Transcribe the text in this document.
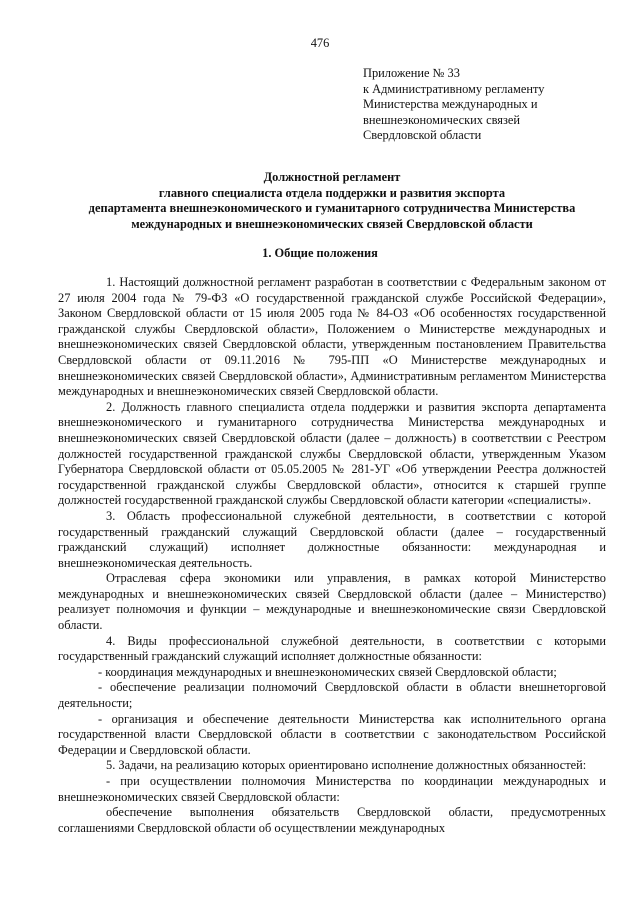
476
Приложение № 33
к Административному регламенту
Министерства международных и
внешнеэкономических связей
Свердловской области
Должностной регламент
главного специалиста отдела поддержки и развития экспорта
департамента внешнеэкономического и гуманитарного сотрудничества Министерства
международных и внешнеэкономических связей Свердловской области
1. Общие положения

1. Настоящий должностной регламент разработан в соответствии с Федеральным законом от 27 июля 2004 года № 79-ФЗ «О государственной гражданской службе Российской Федерации», Законом Свердловской области от 15 июля 2005 года № 84-ОЗ «Об особенностях государственной гражданской службы Свердловской области», Положением о Министерстве международных и внешнеэкономических связей Свердловской области, утвержденным постановлением Правительства Свердловской области от 09.11.2016 № 795-ПП «О Министерстве международных и внешнеэкономических связей Свердловской области», Административным регламентом Министерства международных и внешнеэкономических связей Свердловской области.

2. Должность главного специалиста отдела поддержки и развития экспорта департамента внешнеэкономического и гуманитарного сотрудничества Министерства международных и внешнеэкономических связей Свердловской области (далее – должность) в соответствии с Реестром должностей государственной гражданской службы Свердловской области, утвержденным Указом Губернатора Свердловской области от 05.05.2005 № 281-УГ «Об утверждении Реестра должностей государственной гражданской службы Свердловской области», относится к старшей группе должностей государственной гражданской службы Свердловской области категории «специалисты».

3. Область профессиональной служебной деятельности, в соответствии с которой государственный гражданский служащий Свердловской области (далее – государственный гражданский служащий) исполняет должностные обязанности: международная и внешнеэкономическая деятельность.

Отраслевая сфера экономики или управления, в рамках которой Министерство международных и внешнеэкономических связей Свердловской области (далее – Министерство) реализует полномочия и функции – международные и внешнеэкономические связи Свердловской области.

4. Виды профессиональной служебной деятельности, в соответствии с которыми государственный гражданский служащий исполняет должностные обязанности:

- координация международных и внешнеэкономических связей Свердловской области;

- обеспечение реализации полномочий Свердловской области в области внешнеторговой деятельности;

- организация и обеспечение деятельности Министерства как исполнительного органа государственной власти Свердловской области в соответствии с законодательством Российской Федерации и Свердловской области.

5. Задачи, на реализацию которых ориентировано исполнение должностных обязанностей:

- при осуществлении полномочия Министерства по координации международных и внешнеэкономических связей Свердловской области:

обеспечение выполнения обязательств Свердловской области, предусмотренных соглашениями Свердловской области об осуществлении международных
